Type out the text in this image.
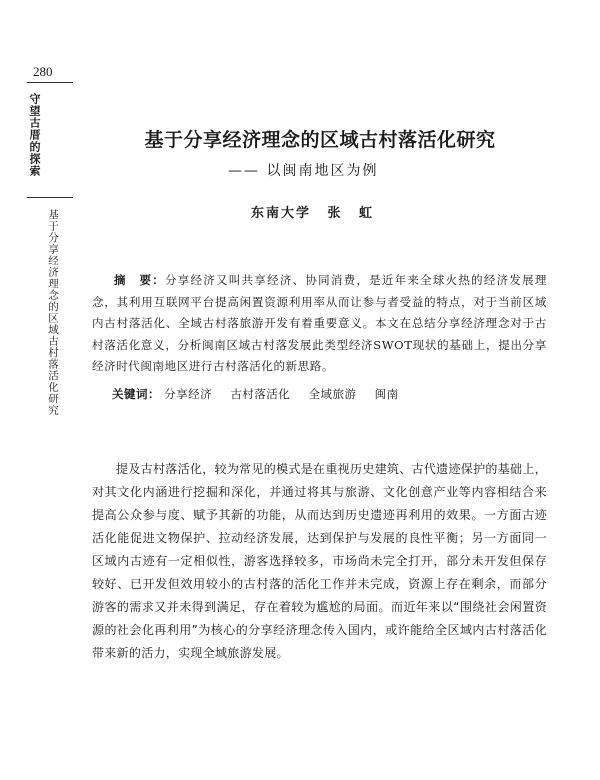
280
守望古厝的探索
基于分享经济理念的区域古村落活化研究
基于分享经济理念的区域古村落活化研究
—— 以闽南地区为例
东南大学 张 虹
摘　要：分享经济又叫共享经济、协同消费，是近年来全球火热的经济发展理念，其利用互联网平台提高闲置资源利用率从而让参与者受益的特点，对于当前区域内古村落活化、全域古村落旅游开发有着重要意义。本文在总结分享经济理念对于古村落活化意义，分析闽南区域古村落发展此类型经济SWOT现状的基础上，提出分享经济时代闽南地区进行古村落活化的新思路。
关键词： 分享经济 古村落活化 全域旅游 闽南
提及古村落活化，较为常见的模式是在重视历史建筑、古代遗迹保护的基础上，对其文化内涵进行挖掘和深化，并通过将其与旅游、文化创意产业等内容相结合来提高公众参与度、赋予其新的功能，从而达到历史遗迹再利用的效果。一方面古迹活化能促进文物保护、拉动经济发展，达到保护与发展的良性平衡；另一方面同一区域内古迹有一定相似性，游客选择较多，市场尚未完全打开，部分未开发但保存较好、已开发但效用较小的古村落的活化工作并未完成，资源上存在剩余，而部分游客的需求又并未得到满足，存在着较为尴尬的局面。而近年来以“围绕社会闲置资源的社会化再利用”为核心的分享经济理念传入国内，或许能给全区域内古村落活化带来新的活力，实现全域旅游发展。
